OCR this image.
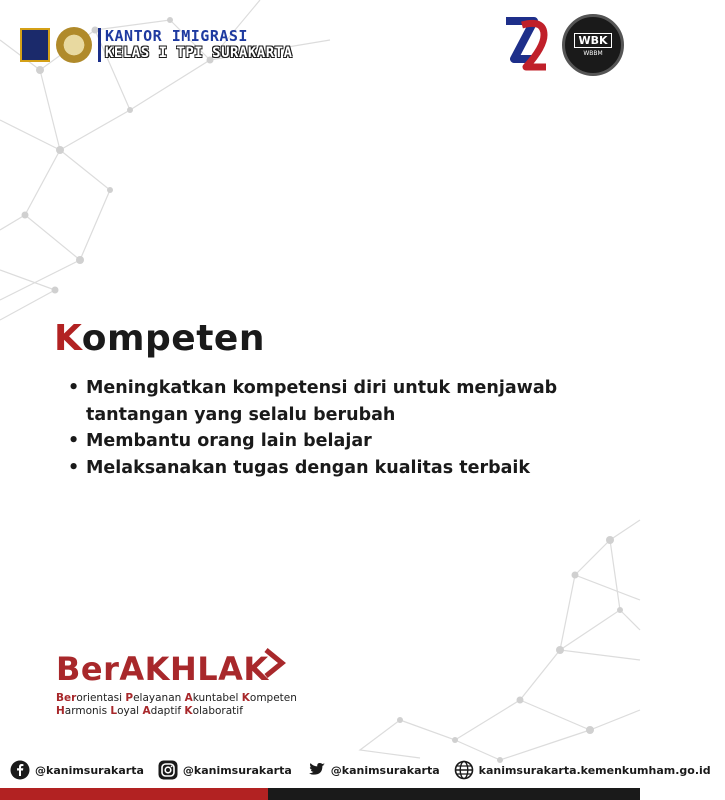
KANTOR IMIGRASI
KELAS I TPI SURAKARTA
WBK
WBBM
Kompeten
• Meningkatkan kompetensi diri untuk menjawab tantangan yang selalu berubah
• Membantu orang lain belajar
• Melaksanakan tugas dengan kualitas terbaik
BerAKHLAK
Berorientasi Pelayanan Akuntabel Kompeten
Harmonis Loyal Adaptif Kolaboratif
@kanimsurakarta	@kanimsurakarta	@kanimsurakarta	kanimsurakarta.kemenkumham.go.id
